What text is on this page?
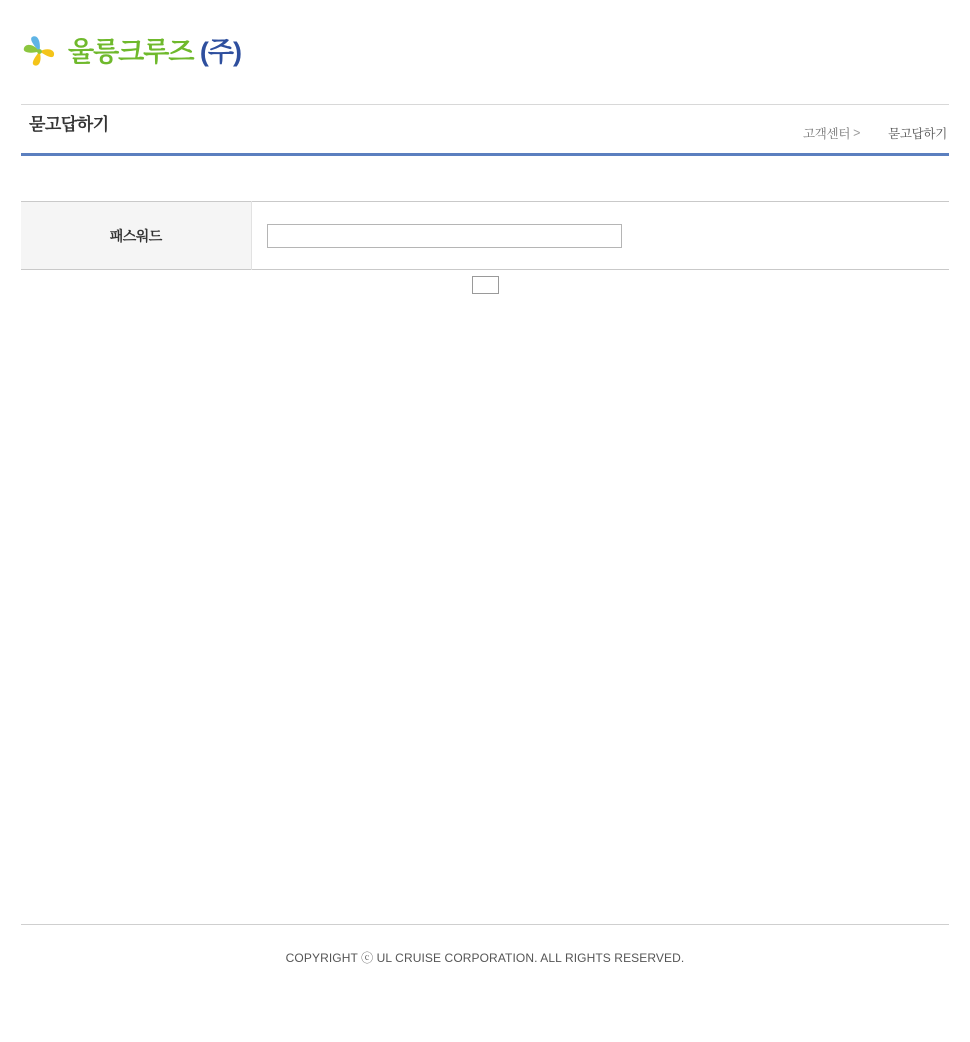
울릉크루즈 (주)
묻고답하기
고객센터 > 묻고답하기
패스워드	
COPYRIGHT ⓒ UL CRUISE CORPORATION. ALL RIGHTS RESERVED.
